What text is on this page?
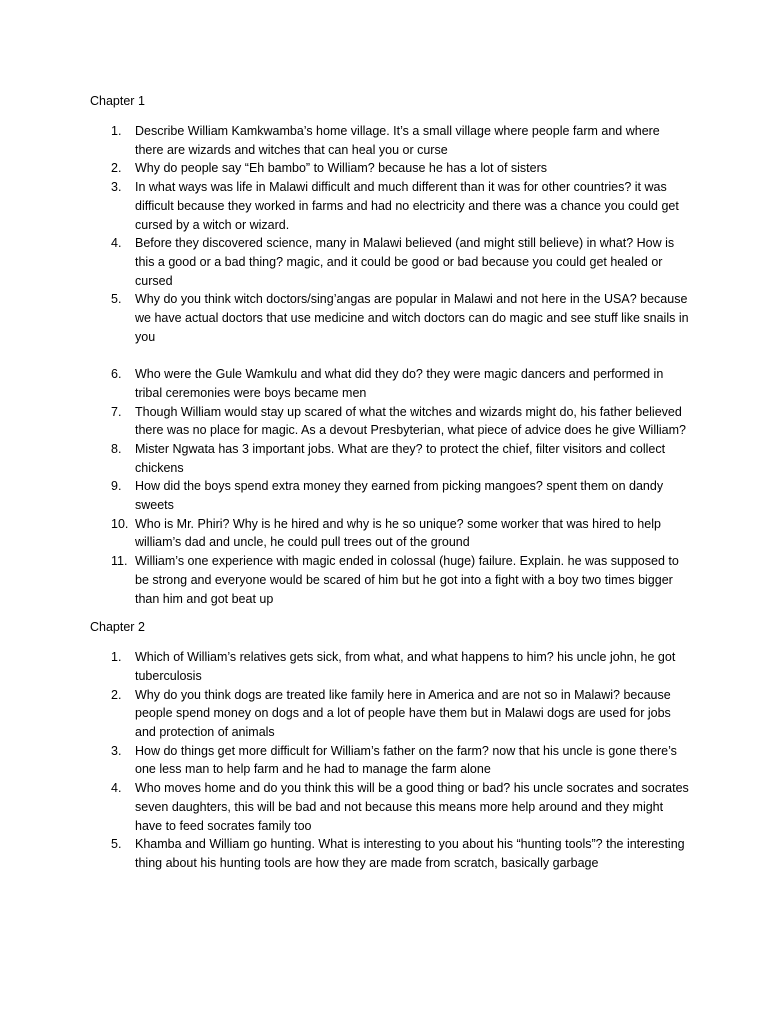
Chapter 1
1. Describe William Kamkwamba’s home village. It’s a small village where people farm and where there are wizards and witches that can heal you or curse
2. Why do people say “Eh bambo” to William? because he has a lot of sisters
3. In what ways was life in Malawi difficult and much different than it was for other countries? it was difficult because they worked in farms and had no electricity and there was a chance you could get cursed by a witch or wizard.
4. Before they discovered science, many in Malawi believed (and might still believe) in what? How is this a good or a bad thing? magic, and it could be good or bad because you could get healed or cursed
5. Why do you think witch doctors/sing’angas are popular in Malawi and not here in the USA? because we have actual doctors that use medicine and witch doctors can do magic and see stuff like snails in you
6. Who were the Gule Wamkulu and what did they do? they were magic dancers and performed in tribal ceremonies were boys became men
7. Though William would stay up scared of what the witches and wizards might do, his father believed there was no place for magic. As a devout Presbyterian, what piece of advice does he give William?
8. Mister Ngwata has 3 important jobs. What are they? to protect the chief, filter visitors and collect chickens
9. How did the boys spend extra money they earned from picking mangoes? spent them on dandy sweets
10. Who is Mr. Phiri? Why is he hired and why is he so unique? some worker that was hired to help william’s dad and uncle, he could pull trees out of the ground
11. William’s one experience with magic ended in colossal (huge) failure. Explain. he was supposed to be strong and everyone would be scared of him but he got into a fight with a boy two times bigger than him and got beat up
Chapter 2
1. Which of William’s relatives gets sick, from what, and what happens to him? his uncle john, he got tuberculosis
2. Why do you think dogs are treated like family here in America and are not so in Malawi? because people spend money on dogs and a lot of people have them but in Malawi dogs are used for jobs and protection of animals
3. How do things get more difficult for William’s father on the farm? now that his uncle is gone there’s one less man to help farm and he had to manage the farm alone
4. Who moves home and do you think this will be a good thing or bad? his uncle socrates and socrates seven daughters, this will be bad and not because this means more help around and they might have to feed socrates family too
5. Khamba and William go hunting. What is interesting to you about his “hunting tools”? the interesting thing about his hunting tools are how they are made from scratch, basically garbage
